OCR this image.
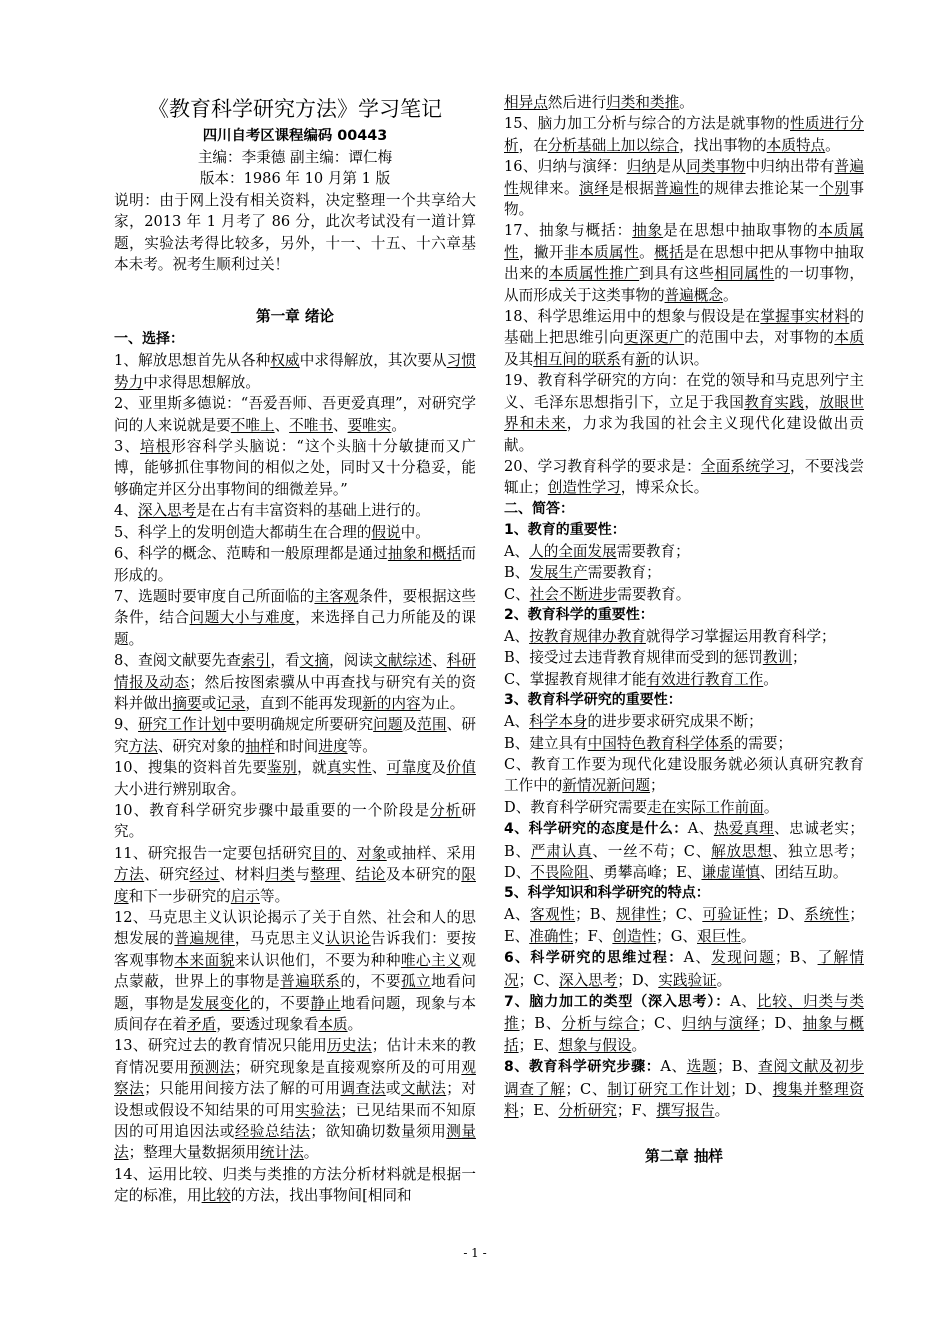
《教育科学研究方法》学习笔记
四川自考区课程编码 00443
主编：李秉德 副主编：谭仁梅
版本：1986 年 10 月第 1 版

说明：由于网上没有相关资料，决定整理一个共享给大家，2013 年 1 月考了 86 分，此次考试没有一道计算题，实验法考得比较多，另外，十一、十五、十六章基本未考。祝考生顺利过关！

第一章 绪论
一、选择：

1、解放思想首先从各种权威中求得解放，其次要从习惯势力中求得思想解放。

2、亚里斯多德说：“吾爱吾师、吾更爱真理”，对研究学问的人来说就是要不唯上、不唯书、要唯实。

3、培根形容科学头脑说：“这个头脑十分敏捷而又广博，能够抓住事物间的相似之处，同时又十分稳妥，能够确定并区分出事物间的细微差异。”

4、深入思考是在占有丰富资料的基础上进行的。

5、科学上的发明创造大都萌生在合理的假说中。

6、科学的概念、范畴和一般原理都是通过抽象和概括而形成的。

7、选题时要审度自己所面临的主客观条件，要根据这些条件，结合问题大小与难度，来选择自己力所能及的课题。

8、查阅文献要先查索引，看文摘，阅读文献综述、科研情报及动态；然后按图索骥从中再查找与研究有关的资料并做出摘要或记录，直到不能再发现新的内容为止。

9、研究工作计划中要明确规定所要研究问题及范围、研究方法、研究对象的抽样和时间进度等。

10、搜集的资料首先要鉴别，就真实性、可靠度及价值大小进行辨别取舍。

10、教育科学研究步骤中最重要的一个阶段是分析研究。

11、研究报告一定要包括研究目的、对象或抽样、采用方法、研究经过、材料归类与整理、结论及本研究的限度和下一步研究的启示等。

12、马克思主义认识论揭示了关于自然、社会和人的思想发展的普遍规律，马克思主义认识论告诉我们：要按客观事物本来面貌来认识他们，不要为种种唯心主义观点蒙蔽，世界上的事物是普遍联系的，不要孤立地看问题，事物是发展变化的，不要静止地看问题，现象与本质间存在着矛盾，要透过现象看本质。

13、研究过去的教育情况只能用历史法；估计未来的教育情况要用预测法；研究现象是直接观察所及的可用观察法；只能用间接方法了解的可用调查法或文献法；对设想或假设不知结果的可用实验法；已见结果而不知原因的可用追因法或经验总结法；欲知确切数量须用测量法；整理大量数据须用统计法。

14、运用比较、归类与类推的方法分析材料就是根据一定的标准，用比较的方法，找出事物间[相同和

相异点然后进行归类和类推。

15、脑力加工分析与综合的方法是就事物的性质进行分析，在分析基础上加以综合，找出事物的本质特点。

16、归纳与演绎：归纳是从同类事物中归纳出带有普遍性规律来。演绎是根据普遍性的规律去推论某一个别事物。

17、抽象与概括：抽象是在思想中抽取事物的本质属性，撇开非本质属性。概括是在思想中把从事物中抽取出来的本质属性推广到具有这些相同属性的一切事物，从而形成关于这类事物的普遍概念。

18、科学思维运用中的想象与假设是在掌握事实材料的基础上把思维引向更深更广的范围中去，对事物的本质及其相互间的联系有新的认识。

19、教育科学研究的方向：在党的领导和马克思列宁主义、毛泽东思想指引下，立足于我国教育实践，放眼世界和未来，力求为我国的社会主义现代化建设做出贡献。

20、学习教育科学的要求是：全面系统学习，不要浅尝辄止；创造性学习，博采众长。

二、简答：
1、教育的重要性：

A、人的全面发展需要教育；

B、发展生产需要教育；

C、社会不断进步需要教育。

2、教育科学的重要性：

A、按教育规律办教育就得学习掌握运用教育科学；

B、接受过去违背教育规律而受到的惩罚教训；

C、掌握教育规律才能有效进行教育工作。

3、教育科学研究的重要性：

A、科学本身的进步要求研究成果不断；

B、建立具有中国特色教育科学体系的需要；

C、教育工作要为现代化建设服务就必须认真研究教育工作中的新情况新问题；

D、教育科学研究需要走在实际工作前面。

4、科学研究的态度是什么：A、热爱真理、忠诚老实；B、严肃认真、一丝不苟；C、解放思想、独立思考；D、不畏险阻、勇攀高峰；E、谦虚谨慎、团结互助。

5、科学知识和科学研究的特点：

A、客观性；B、规律性；C、可验证性；D、系统性；E、准确性；F、创造性；G、艰巨性。

6、科学研究的思维过程：A、发现问题；B、了解情况；C、深入思考；D、实践验证。

7、脑力加工的类型（深入思考）：A、比较、归类与类推；B、分析与综合；C、归纳与演绎；D、抽象与概括；E、想象与假设。

8、教育科学研究步骤：A、选题；B、查阅文献及初步调查了解；C、制订研究工作计划；D、搜集并整理资料；E、分析研究；F、撰写报告。

第二章 抽样
- 1 -
